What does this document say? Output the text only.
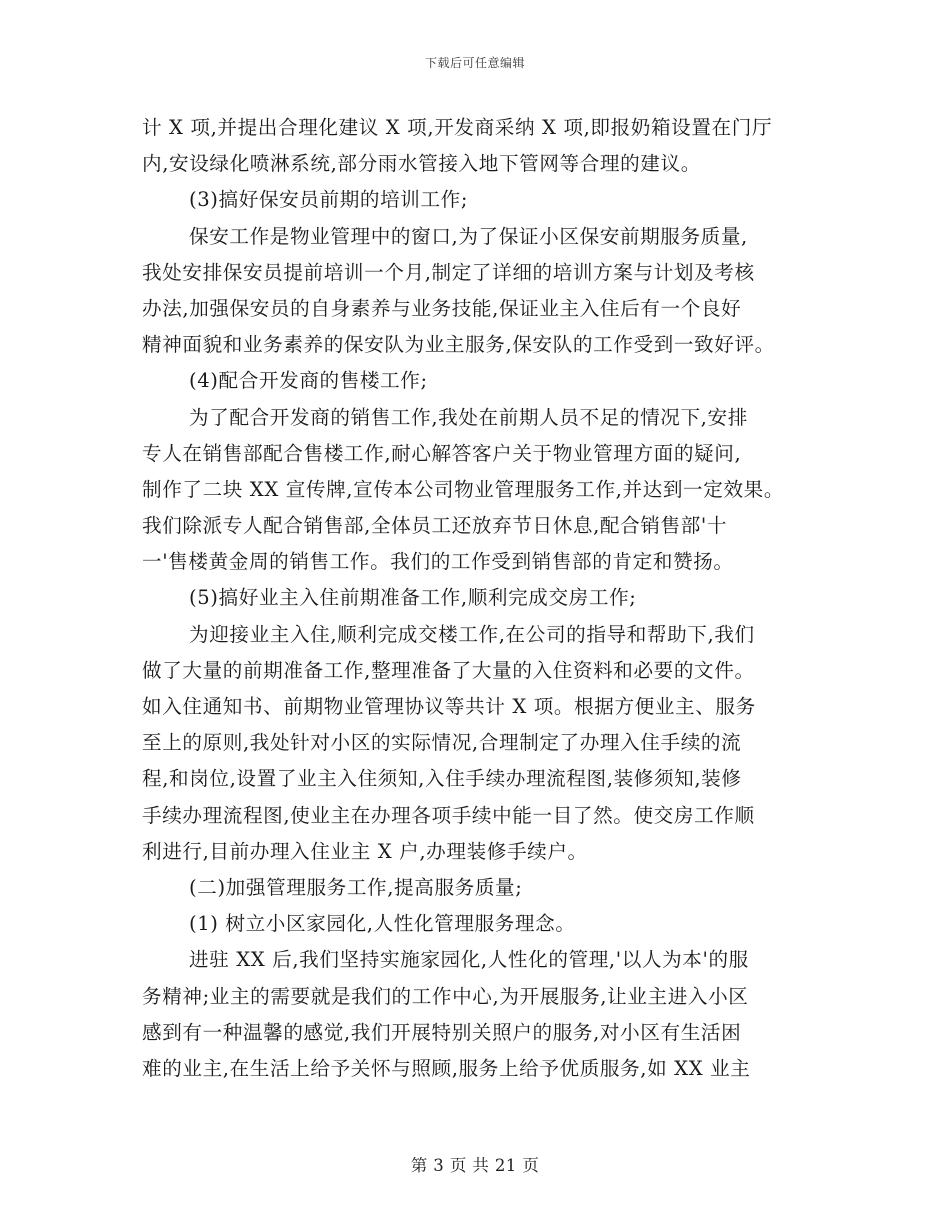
下载后可任意编辑
计 X 项,并提出合理化建议 X 项,开发商采纳 X 项,即报奶箱设置在门厅
内,安设绿化喷淋系统,部分雨水管接入地下管网等合理的建议。
(3)搞好保安员前期的培训工作;
保安工作是物业管理中的窗口,为了保证小区保安前期服务质量,
我处安排保安员提前培训一个月,制定了详细的培训方案与计划及考核
办法,加强保安员的自身素养与业务技能,保证业主入住后有一个良好
精神面貌和业务素养的保安队为业主服务,保安队的工作受到一致好评。
(4)配合开发商的售楼工作;
为了配合开发商的销售工作,我处在前期人员不足的情况下,安排
专人在销售部配合售楼工作,耐心解答客户关于物业管理方面的疑问,
制作了二块 XX 宣传牌,宣传本公司物业管理服务工作,并达到一定效果。
我们除派专人配合销售部,全体员工还放弃节日休息,配合销售部'十
一'售楼黄金周的销售工作。我们的工作受到销售部的肯定和赞扬。
(5)搞好业主入住前期准备工作,顺利完成交房工作;
为迎接业主入住,顺利完成交楼工作,在公司的指导和帮助下,我们
做了大量的前期准备工作,整理准备了大量的入住资料和必要的文件。
如入住通知书、前期物业管理协议等共计 X 项。根据方便业主、服务
至上的原则,我处针对小区的实际情况,合理制定了办理入住手续的流
程,和岗位,设置了业主入住须知,入住手续办理流程图,装修须知,装修
手续办理流程图,使业主在办理各项手续中能一目了然。使交房工作顺
利进行,目前办理入住业主 X 户,办理装修手续户。
(二)加强管理服务工作,提高服务质量;
(1) 树立小区家园化,人性化管理服务理念。
进驻 XX 后,我们坚持实施家园化,人性化的管理,'以人为本'的服
务精神;业主的需要就是我们的工作中心,为开展服务,让业主进入小区
感到有一种温馨的感觉,我们开展特别关照户的服务,对小区有生活困
难的业主,在生活上给予关怀与照顾,服务上给予优质服务,如 XX 业主
第 3 页 共 21 页
